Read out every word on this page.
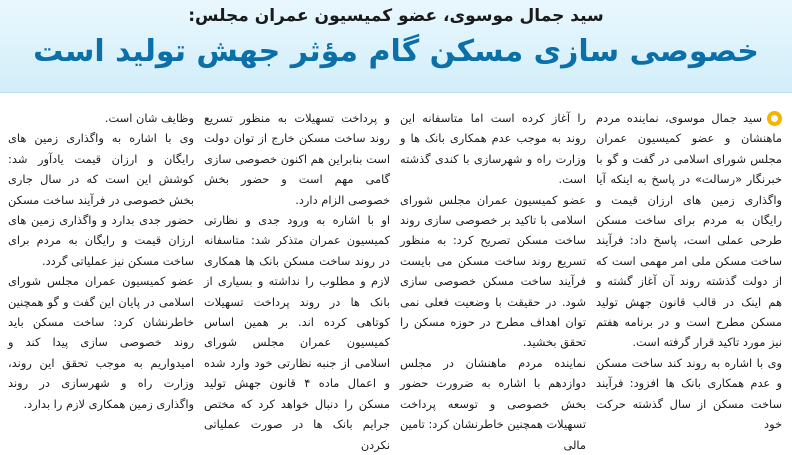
سید جمال موسوی، عضو کمیسیون عمران مجلس:
خصوصی سازی مسکن گام مؤثر جهش تولید است

سید جمال موسوی، نماینده مردم ماهنشان و عضو کمیسیون عمران مجلس شورای اسلامی در گفت و گو با خبرنگار «رسالت» در پاسخ به اینکه آیا واگذاری زمین های ارزان قیمت و رایگان به مردم برای ساخت مسکن طرحی عملی است، پاسخ داد: فرآیند ساخت مسکن ملی امر مهمی است که از دولت گذشته روند آن آغاز گشته و هم اینک در قالب قانون جهش تولید مسکن مطرح است و در برنامه هفتم نیز مورد تاکید قرار گرفته است.

وی با اشاره به روند کند ساخت مسکن و عدم همکاری بانک ها افزود: فرآیند ساخت مسکن از سال گذشته حرکت خود

را آغاز کرده است اما متاسفانه این روند به موجب عدم همکاری بانک ها و وزارت راه و شهرسازی با کندی گذشته است.

عضو کمیسیون عمران مجلس شورای اسلامی با تاکید بر خصوصی سازی روند ساخت مسکن تصریح کرد: به منظور تسریع روند ساخت مسکن می بایست فرآیند ساخت مسکن خصوصی سازی شود. در حقیقت با وضعیت فعلی نمی توان اهداف مطرح در حوزه مسکن را تحقق بخشید.

نماینده مردم ماهنشان در مجلس دوازدهم با اشاره به ضرورت حضور بخش خصوصی و توسعه پرداخت تسهیلات همچنین خاطرنشان کرد: تامین مالی

و پرداخت تسهیلات به منظور تسریع روند ساخت مسکن خارج از توان دولت است بنابراین هم اکنون خصوصی سازی گامی مهم است و حضور بخش خصوصی الزام دارد.

او با اشاره به ورود جدی و نظارتی کمیسیون عمران متذکر شد: متاسفانه در روند ساخت مسکن بانک ها همکاری لازم و مطلوب را نداشته و بسیاری از بانک ها در روند پرداخت تسهیلات کوتاهی کرده اند. بر همین اساس کمیسیون عمران مجلس شورای اسلامی از جنبه نظارتی خود وارد شده و اعمال ماده ۴ قانون جهش تولید مسکن را دنبال خواهد کرد که مختص جرایم بانک ها در صورت عملیاتی نکردن

وظایف شان است.

وی با اشاره به واگذاری زمین های رایگان و ارزان قیمت یادآور شد: کوشش این است که در سال جاری بخش خصوصی در فرآیند ساخت مسکن حضور جدی بدارد و واگذاری زمین های ارزان قیمت و رایگان به مردم برای ساخت مسکن نیز عملیاتی گردد.

عضو کمیسیون عمران مجلس شورای اسلامی در پایان این گفت و گو همچنین خاطرنشان کرد: ساخت مسکن باید روند خصوصی سازی پیدا کند و امیدواریم به موجب تحقق این روند، وزارت راه و شهرسازی در روند واگذاری زمین همکاری لازم را بدارد.
